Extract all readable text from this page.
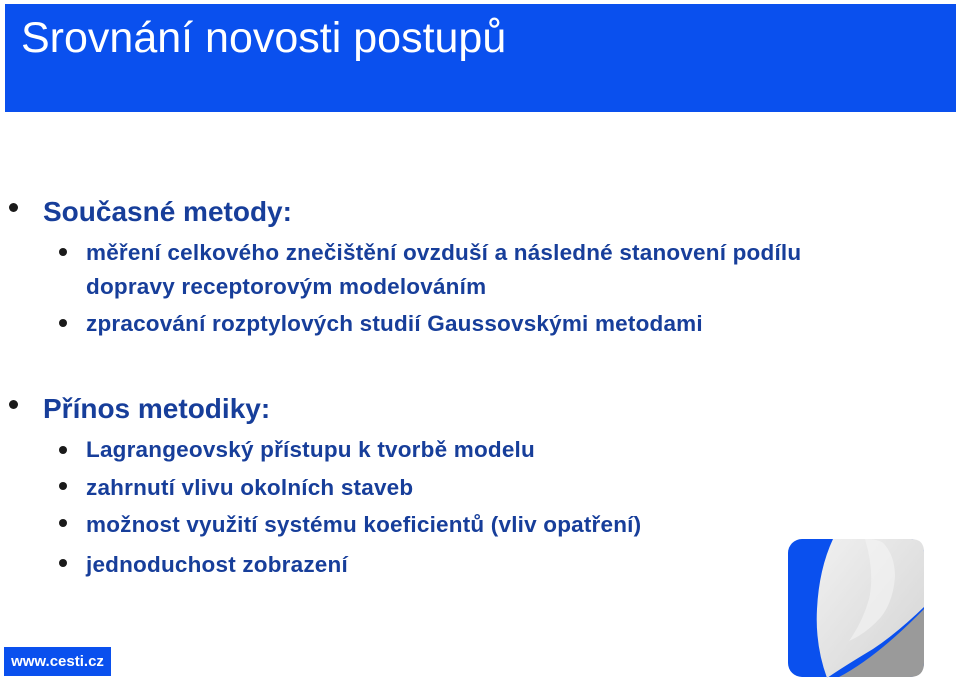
Srovnání novosti postupů
Současné metody:
měření celkového znečištění ovzduší a následné stanovení podílu
dopravy receptorovým modelováním
zpracování rozptylových studií Gaussovskými metodami
Přínos metodiky:
Lagrangeovský přístupu k tvorbě modelu
zahrnutí vlivu okolních staveb
možnost využití systému koeficientů (vliv opatření)
jednoduchost zobrazení
www.cesti.cz
